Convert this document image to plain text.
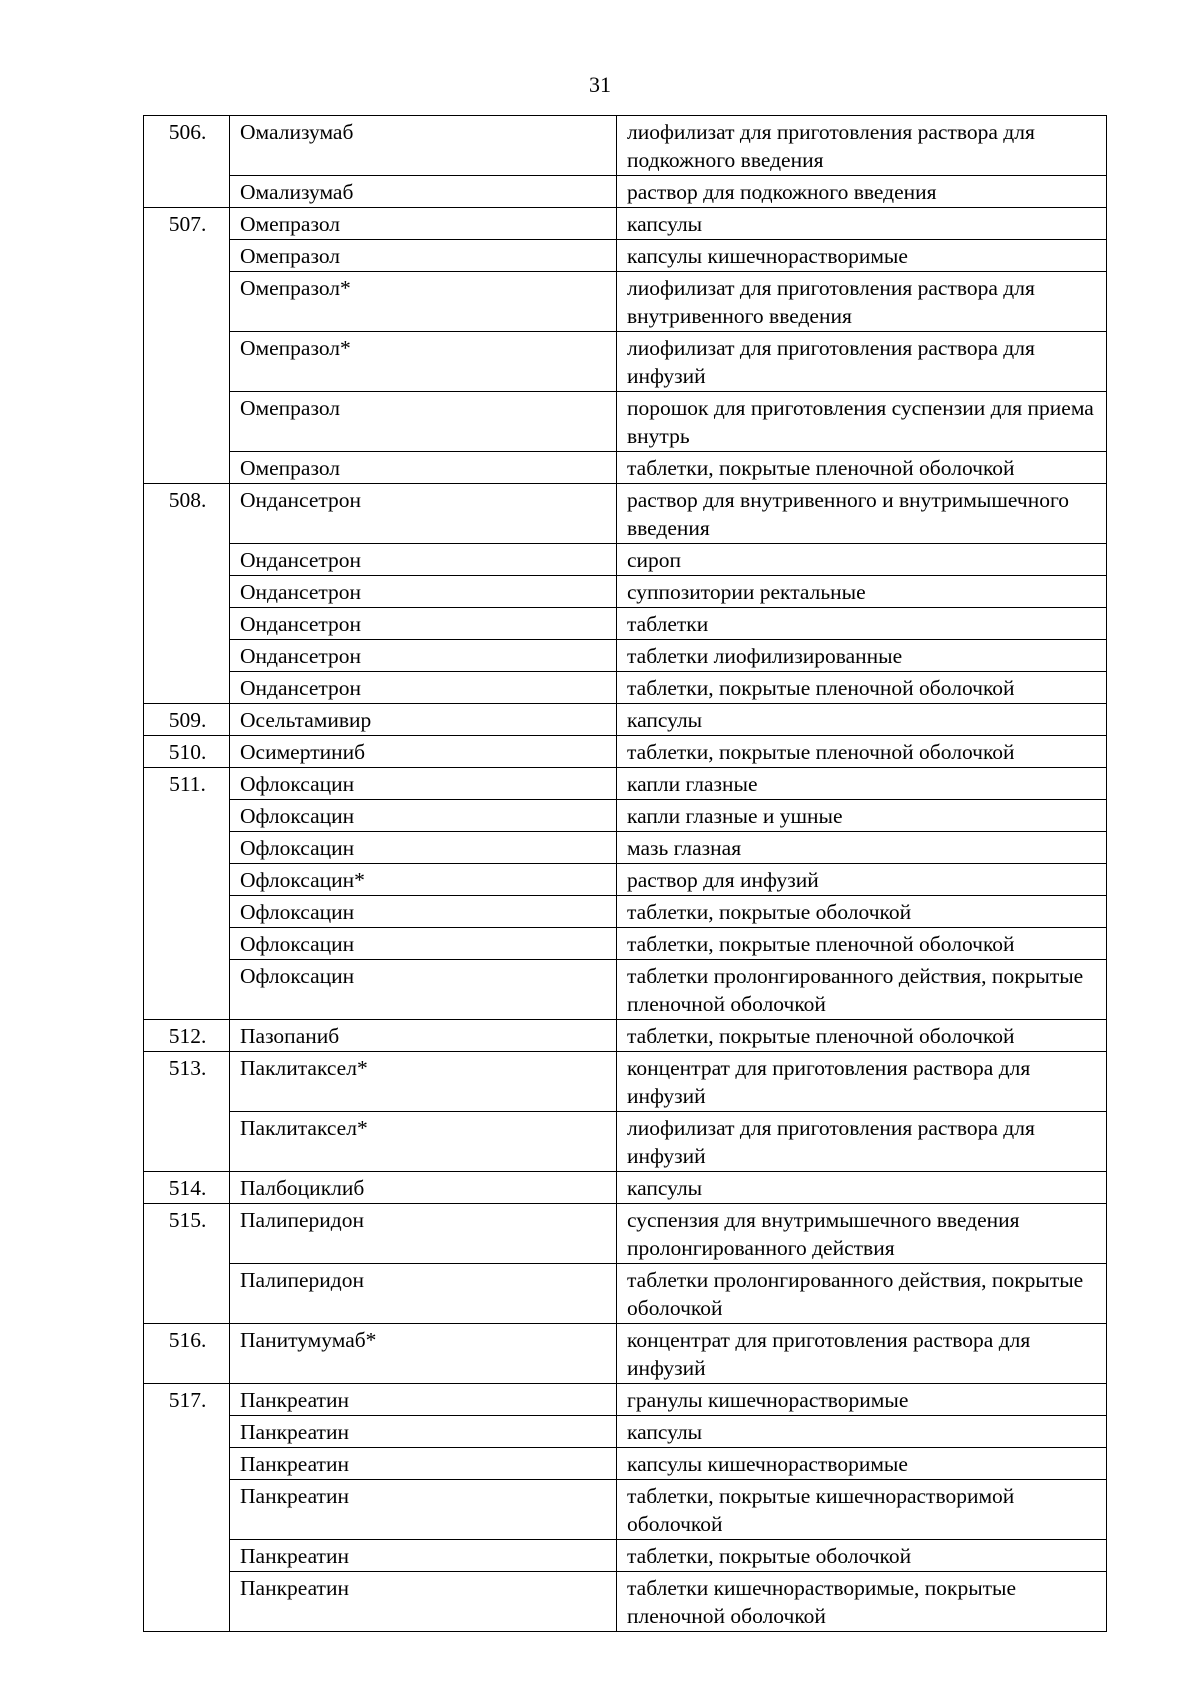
31
506.	Омализумаб	лиофилизат для приготовления раствора для подкожного введения
	Омализумаб	раствор для подкожного введения
507.	Омепразол	капсулы
	Омепразол	капсулы кишечнорастворимые
	Омепразол*	лиофилизат для приготовления раствора для внутривенного введения
	Омепразол*	лиофилизат для приготовления раствора для инфузий
	Омепразол	порошок для приготовления суспензии для приема внутрь
	Омепразол	таблетки, покрытые пленочной оболочкой
508.	Ондансетрон	раствор для внутривенного и внутримышечного введения
	Ондансетрон	сироп
	Ондансетрон	суппозитории ректальные
	Ондансетрон	таблетки
	Ондансетрон	таблетки лиофилизированные
	Ондансетрон	таблетки, покрытые пленочной оболочкой
509.	Осельтамивир	капсулы
510.	Осимертиниб	таблетки, покрытые пленочной оболочкой
511.	Офлоксацин	капли глазные
	Офлоксацин	капли глазные и ушные
	Офлоксацин	мазь глазная
	Офлоксацин*	раствор для инфузий
	Офлоксацин	таблетки, покрытые оболочкой
	Офлоксацин	таблетки, покрытые пленочной оболочкой
	Офлоксацин	таблетки пролонгированного действия, покрытые пленочной оболочкой
512.	Пазопаниб	таблетки, покрытые пленочной оболочкой
513.	Паклитаксел*	концентрат для приготовления раствора для инфузий
	Паклитаксел*	лиофилизат для приготовления раствора для инфузий
514.	Палбоциклиб	капсулы
515.	Палиперидон	суспензия для внутримышечного введения пролонгированного действия
	Палиперидон	таблетки пролонгированного действия, покрытые оболочкой
516.	Панитумумаб*	концентрат для приготовления раствора для инфузий
517.	Панкреатин	гранулы кишечнорастворимые
	Панкреатин	капсулы
	Панкреатин	капсулы кишечнорастворимые
	Панкреатин	таблетки, покрытые кишечнорастворимой оболочкой
	Панкреатин	таблетки, покрытые оболочкой
	Панкреатин	таблетки кишечнорастворимые, покрытые пленочной оболочкой
